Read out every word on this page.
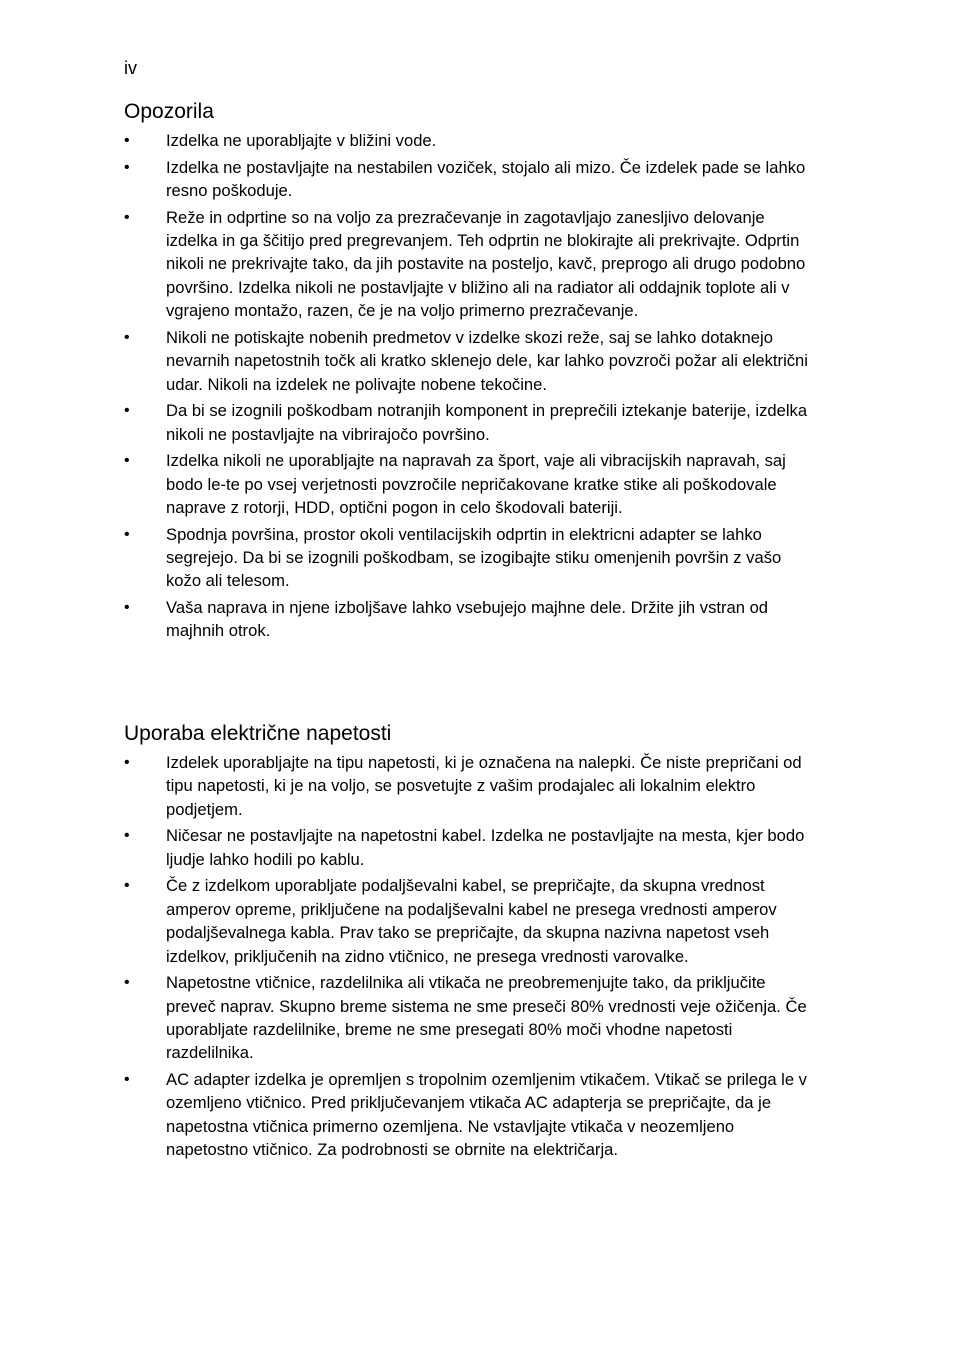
iv
Opozorila
• Izdelka ne uporabljajte v bližini vode.
• Izdelka ne postavljajte na nestabilen voziček, stojalo ali mizo. Če izdelek pade se lahko resno poškoduje.
• Reže in odprtine so na voljo za prezračevanje in zagotavljajo zanesljivo delovanje izdelka in ga ščitijo pred pregrevanjem. Teh odprtin ne blokirajte ali prekrivajte. Odprtin nikoli ne prekrivajte tako, da jih postavite na posteljo, kavč, preprogo ali drugo podobno površino. Izdelka nikoli ne postavljajte v bližino ali na radiator ali oddajnik toplote ali v vgrajeno montažo, razen, če je na voljo primerno prezračevanje.
• Nikoli ne potiskajte nobenih predmetov v izdelke skozi reže, saj se lahko dotaknejo nevarnih napetostnih točk ali kratko sklenejo dele, kar lahko povzroči požar ali električni udar. Nikoli na izdelek ne polivajte nobene tekočine.
• Da bi se izognili poškodbam notranjih komponent in preprečili iztekanje baterije, izdelka nikoli ne postavljajte na vibrirajočo površino.
• Izdelka nikoli ne uporabljajte na napravah za šport, vaje ali vibracijskih napravah, saj bodo le-te po vsej verjetnosti povzročile nepričakovane kratke stike ali poškodovale naprave z rotorji, HDD, optični pogon in celo škodovali bateriji.
• Spodnja površina, prostor okoli ventilacijskih odprtin in elektricni adapter se lahko segrejejo. Da bi se izognili poškodbam, se izogibajte stiku omenjenih površin z vašo kožo ali telesom.
• Vaša naprava in njene izboljšave lahko vsebujejo majhne dele. Držite jih vstran od majhnih otrok.
Uporaba električne napetosti
• Izdelek uporabljajte na tipu napetosti, ki je označena na nalepki. Če niste prepričani od tipu napetosti, ki je na voljo, se posvetujte z vašim prodajalec ali lokalnim elektro podjetjem.
• Ničesar ne postavljajte na napetostni kabel. Izdelka ne postavljajte na mesta, kjer bodo ljudje lahko hodili po kablu.
• Če z izdelkom uporabljate podaljševalni kabel, se prepričajte, da skupna vrednost amperov opreme, priključene na podaljševalni kabel ne presega vrednosti amperov podaljševalnega kabla. Prav tako se prepričajte, da skupna nazivna napetost vseh izdelkov, priključenih na zidno vtičnico, ne presega vrednosti varovalke.
• Napetostne vtičnice, razdelilnika ali vtikača ne preobremenjujte tako, da priključite preveč naprav. Skupno breme sistema ne sme preseči 80% vrednosti veje ožičenja. Če uporabljate razdelilnike, breme ne sme presegati 80% moči vhodne napetosti razdelilnika.
• AC adapter izdelka je opremljen s tropolnim ozemljenim vtikačem. Vtikač se prilega le v ozemljeno vtičnico. Pred priključevanjem vtikača AC adapterja se prepričajte, da je napetostna vtičnica primerno ozemljena. Ne vstavljajte vtikača v neozemljeno napetostno vtičnico. Za podrobnosti se obrnite na električarja.
